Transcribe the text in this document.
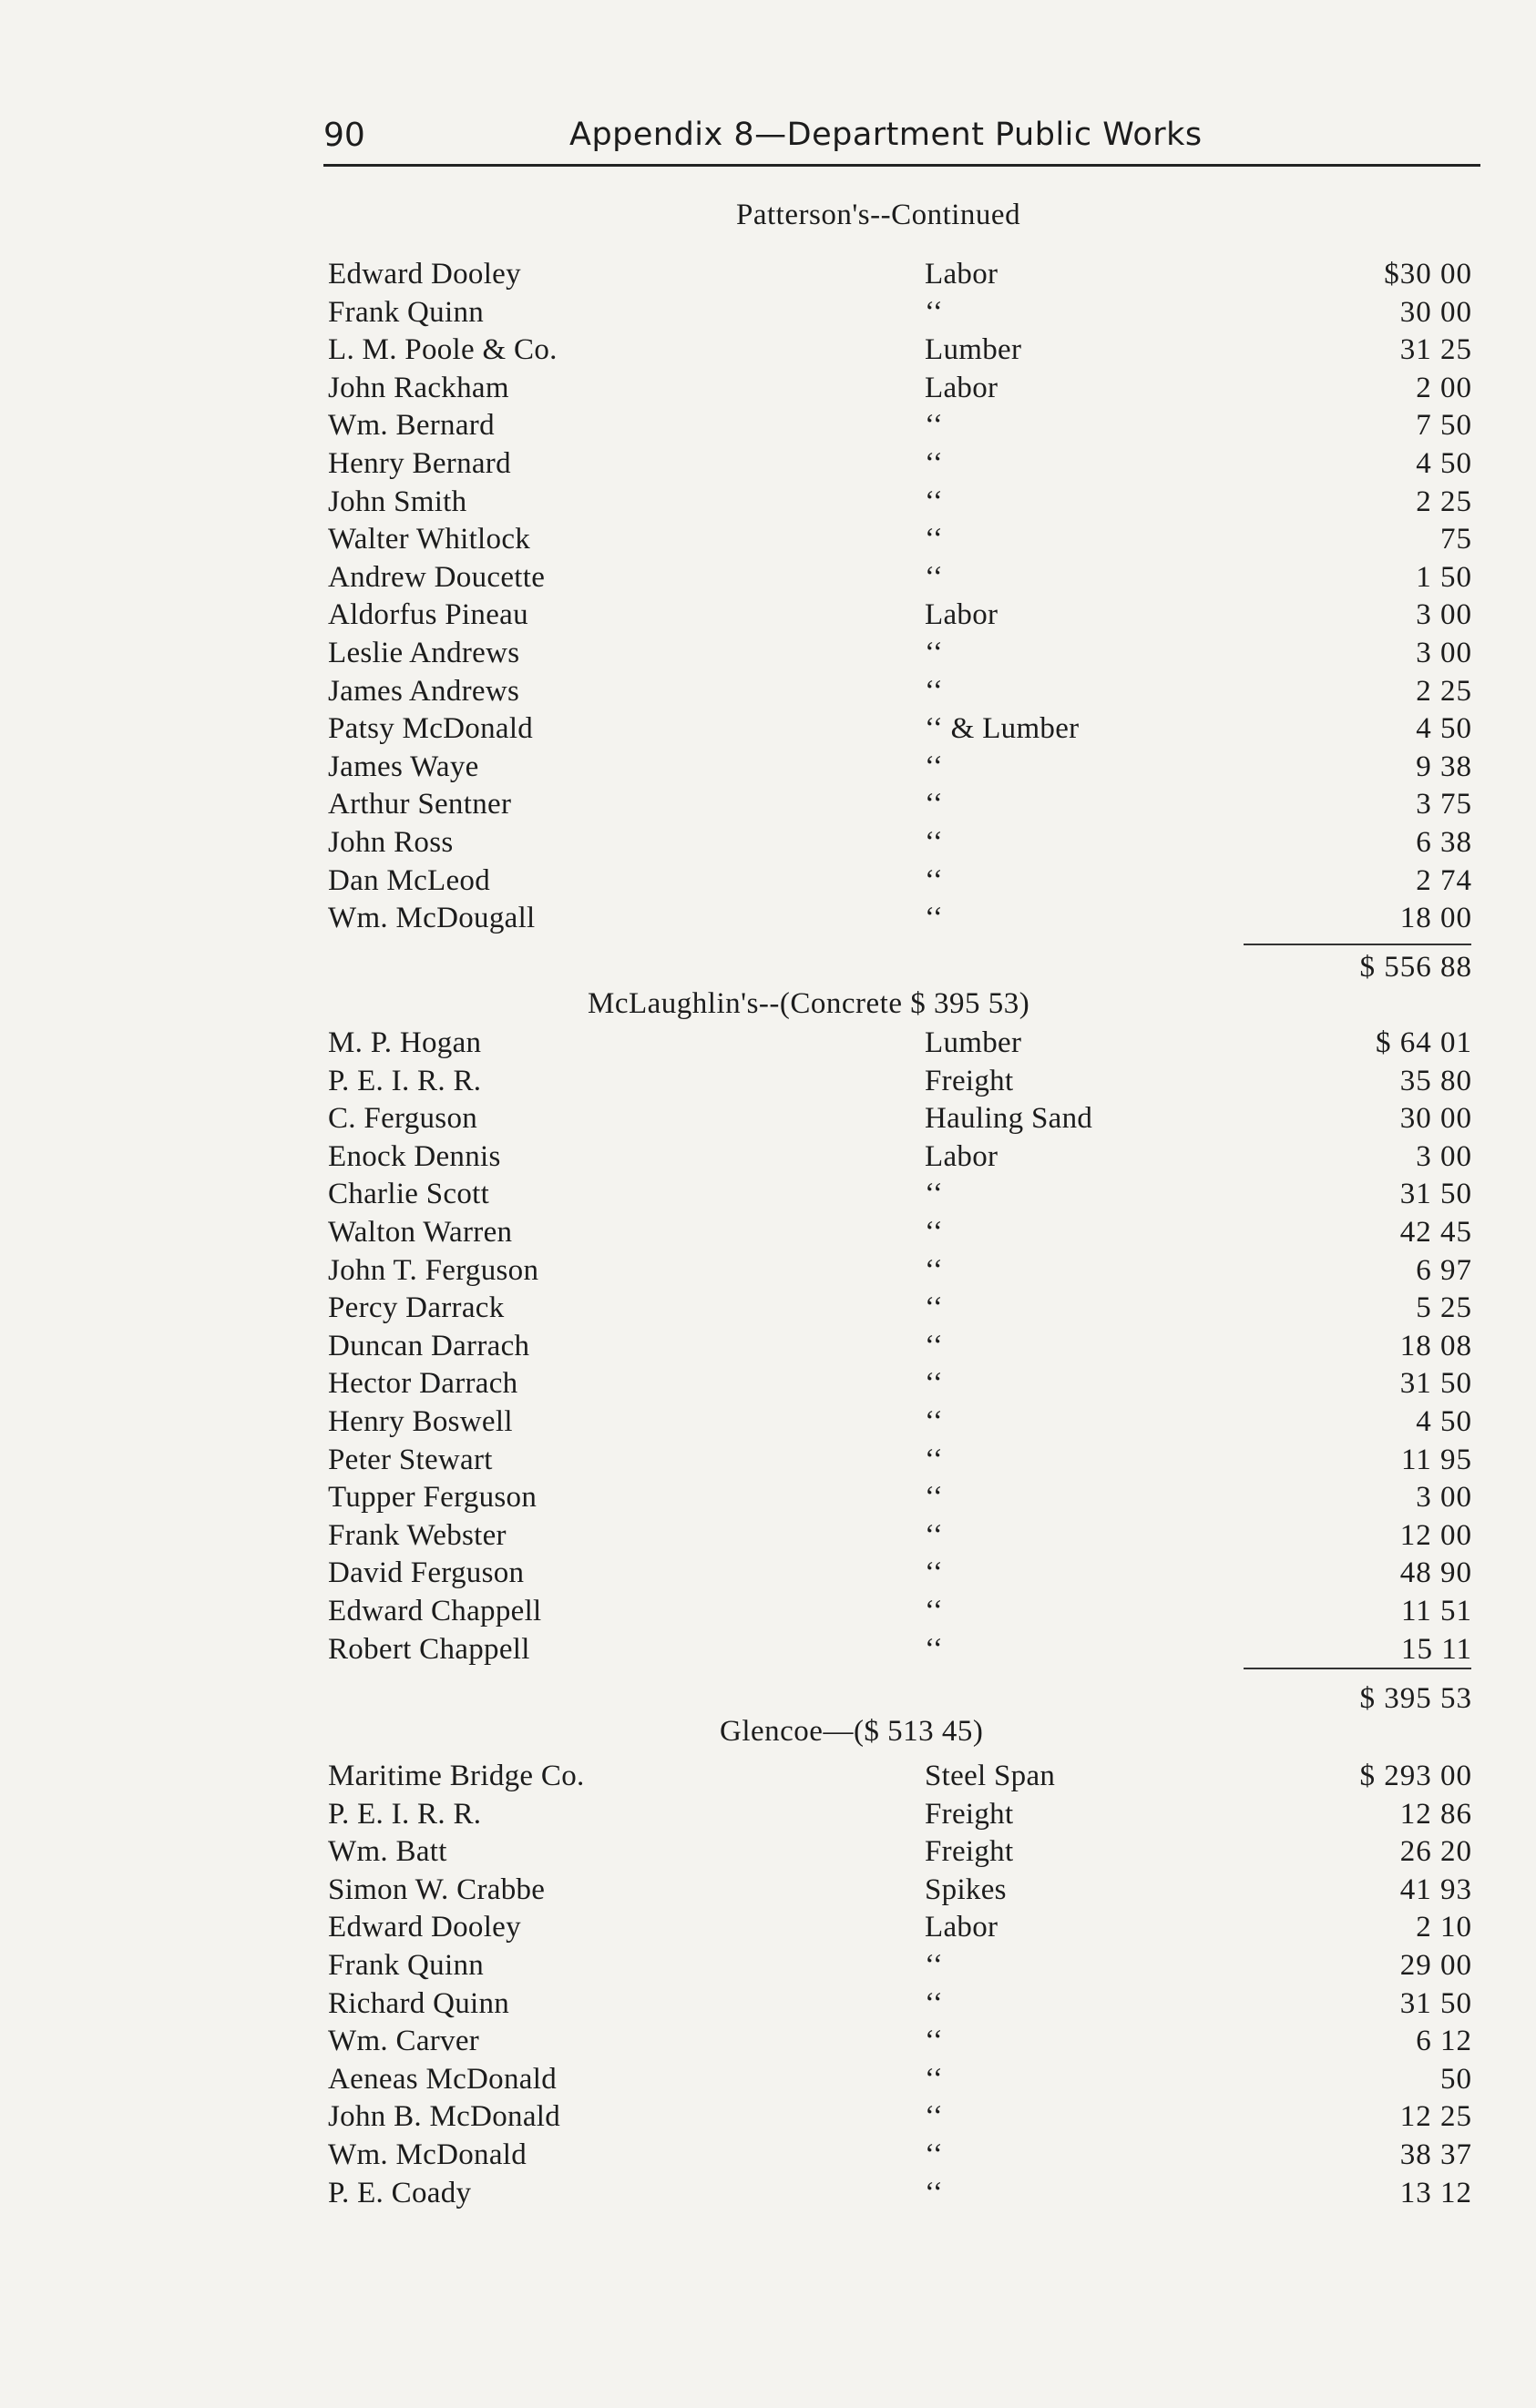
90	Appendix 8—Department Public Works
Patterson's--Continued
Edward Dooley	Labor	$30 00
Frank Quinn	‘‘	30 00
L. M. Poole & Co.	Lumber	31 25
John Rackham	Labor	2 00
Wm. Bernard	‘‘	7 50
Henry Bernard	‘‘	4 50
John Smith	‘‘	2 25
Walter Whitlock	‘‘	75
Andrew Doucette	‘‘	1 50
Aldorfus Pineau	Labor	3 00
Leslie Andrews	‘‘	3 00
James Andrews	‘‘	2 25
Patsy McDonald	‘‘ & Lumber	4 50
James Waye	‘‘	9 38
Arthur Sentner	‘‘	3 75
John Ross	‘‘	6 38
Dan McLeod	‘‘	2 74
Wm. McDougall	‘‘	18 00
$ 556 88
McLaughlin's--(Concrete $ 395 53)
M. P. Hogan	Lumber	$ 64 01
P. E. I. R. R.	Freight	35 80
C. Ferguson	Hauling Sand	30 00
Enock Dennis	Labor	3 00
Charlie Scott	‘‘	31 50
Walton Warren	‘‘	42 45
John T. Ferguson	‘‘	6 97
Percy Darrack	‘‘	5 25
Duncan Darrach	‘‘	18 08
Hector Darrach	‘‘	31 50
Henry Boswell	‘‘	4 50
Peter Stewart	‘‘	11 95
Tupper Ferguson	‘‘	3 00
Frank Webster	‘‘	12 00
David Ferguson	‘‘	48 90
Edward Chappell	‘‘	11 51
Robert Chappell	‘‘	15 11
$ 395 53
Glencoe—($ 513 45)
Maritime Bridge Co.	Steel Span	$ 293 00
P. E. I. R. R.	Freight	12 86
Wm. Batt	Freight	26 20
Simon W. Crabbe	Spikes	41 93
Edward Dooley	Labor	2 10
Frank Quinn	‘‘	29 00
Richard Quinn	‘‘	31 50
Wm. Carver	‘‘	6 12
Aeneas McDonald	‘‘	50
John B. McDonald	‘‘	12 25
Wm. McDonald	‘‘	38 37
P. E. Coady	‘‘	13 12
